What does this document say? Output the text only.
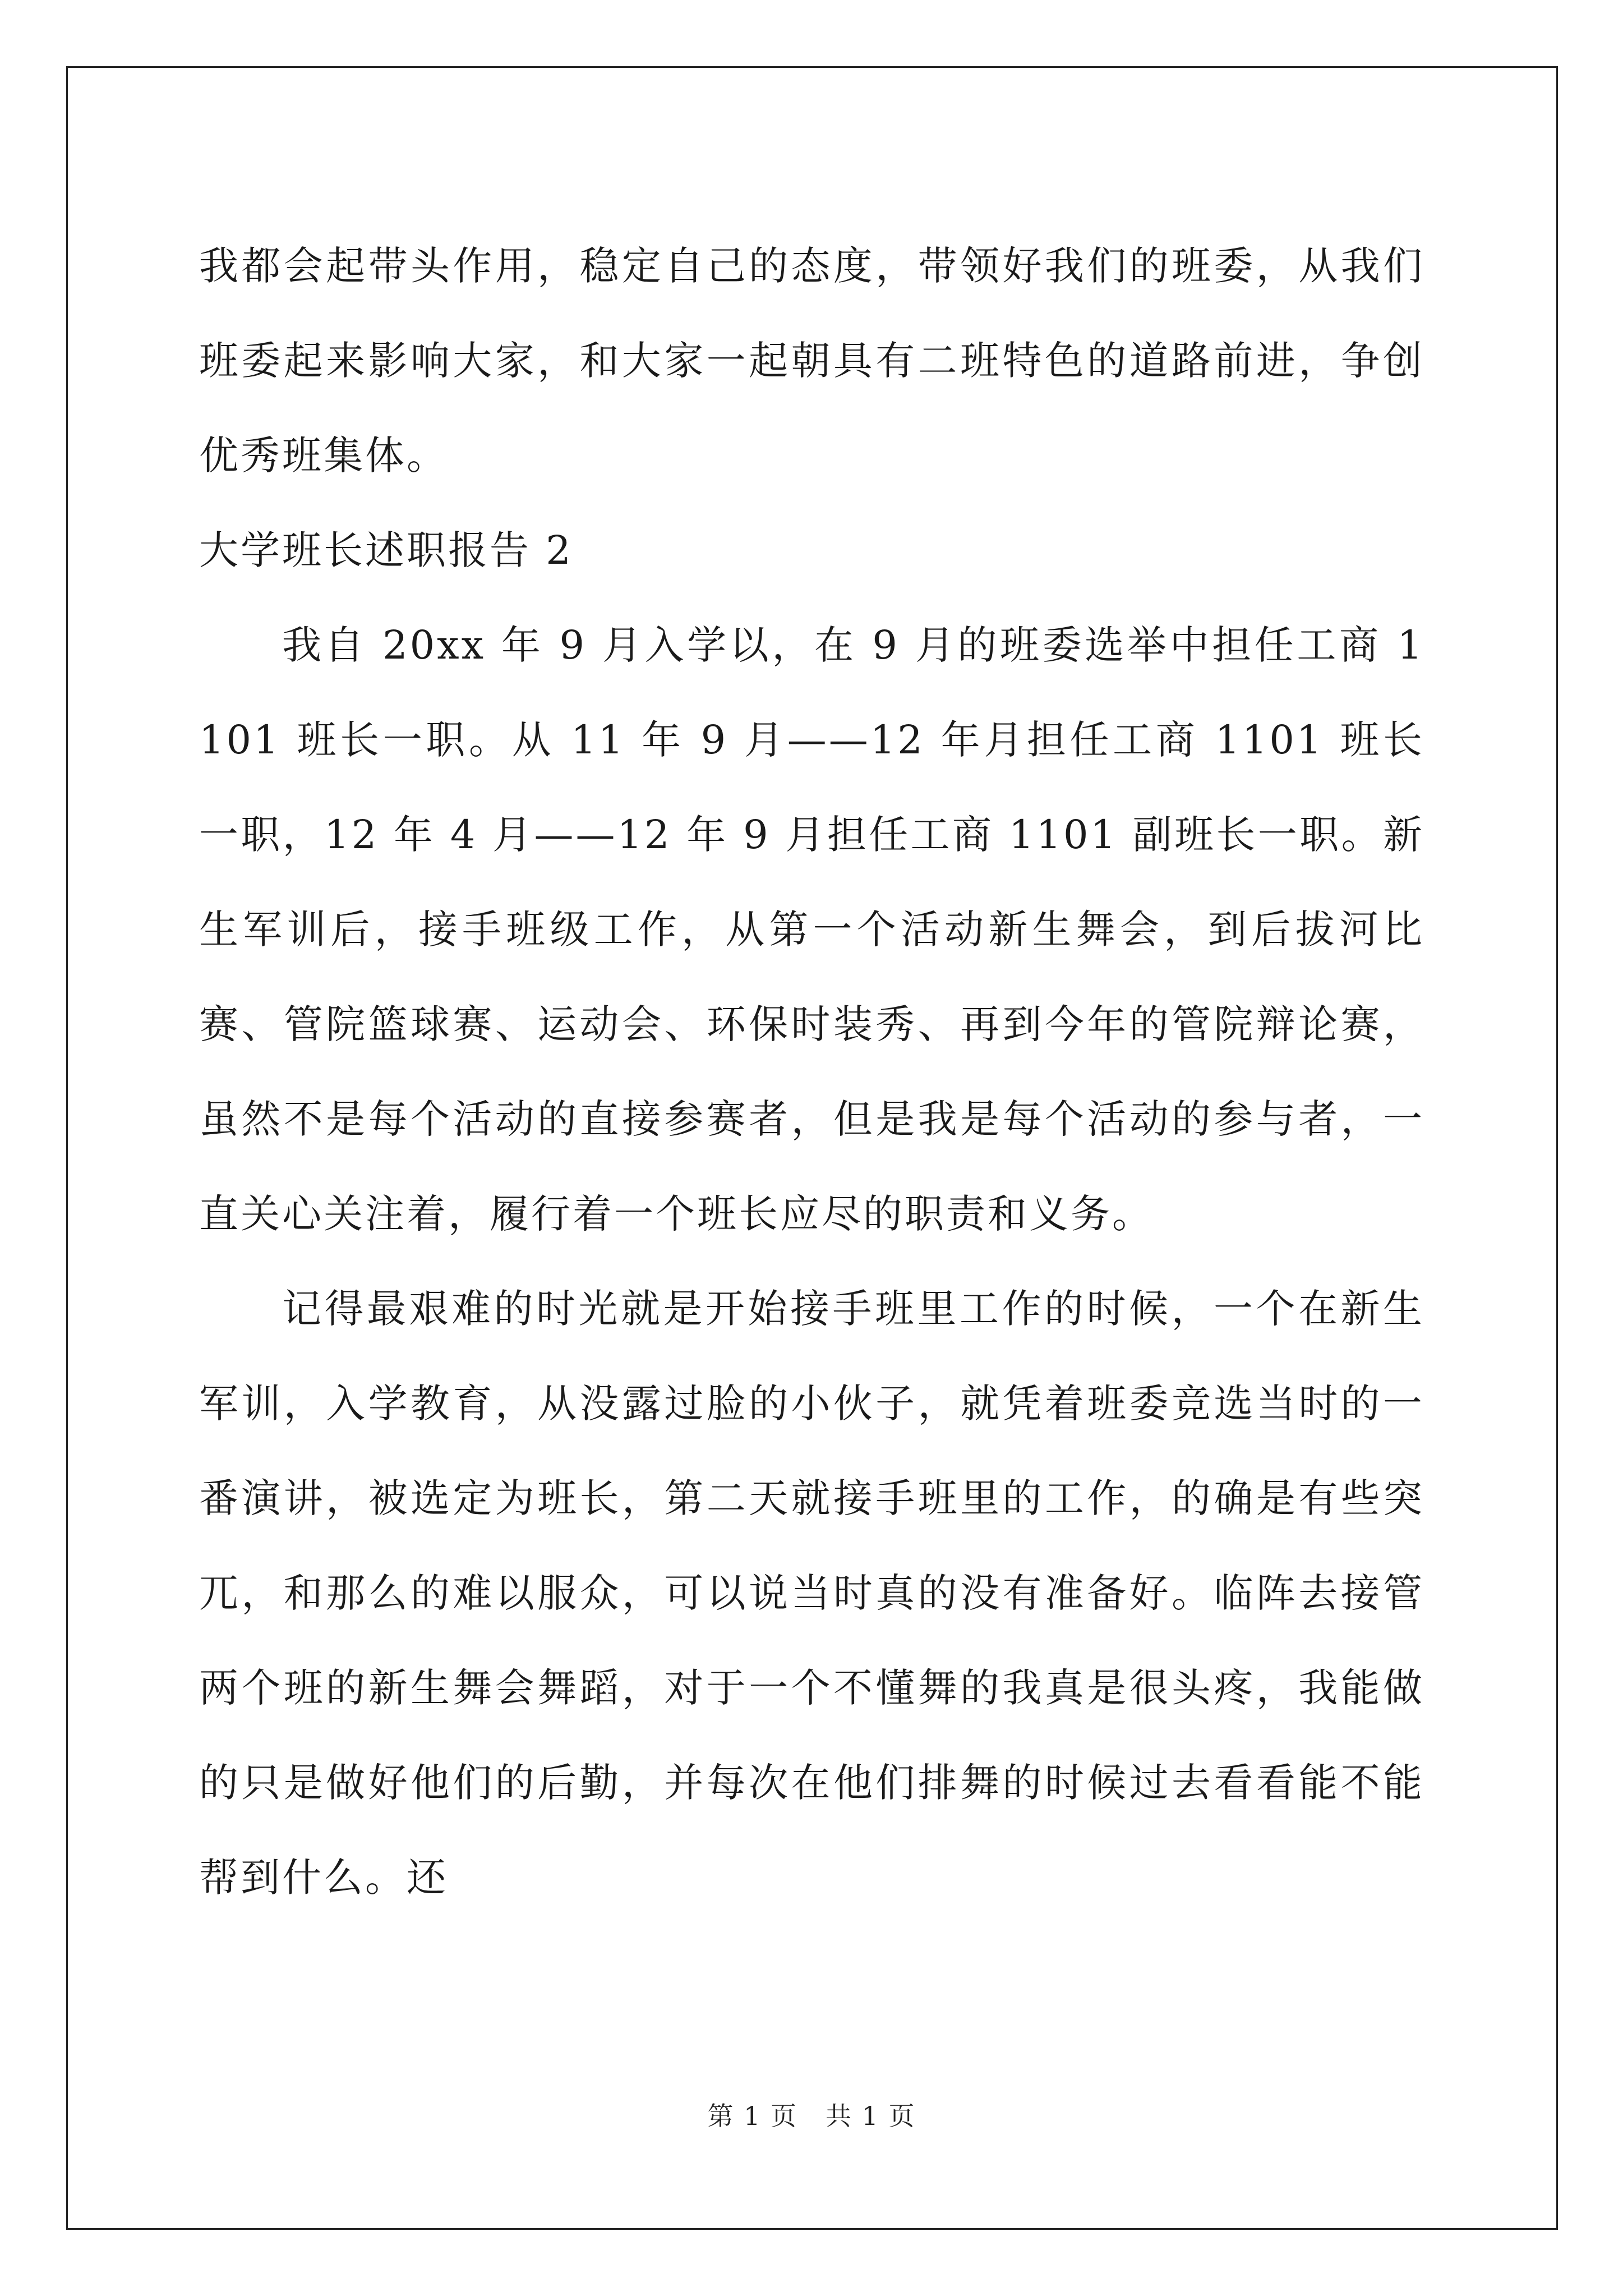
我都会起带头作用，稳定自己的态度，带领好我们的班委，从我们班委起来影响大家，和大家一起朝具有二班特色的道路前进，争创优秀班集体。

大学班长述职报告 2

我自 20xx 年 9 月入学以，在 9 月的班委选举中担任工商 1101 班长一职。从 11 年 9 月——12 年月担任工商 1101 班长一职，12 年 4 月——12 年 9 月担任工商 1101 副班长一职。新生军训后，接手班级工作，从第一个活动新生舞会，到后拔河比赛、管院篮球赛、运动会、环保时装秀、再到今年的管院辩论赛，虽然不是每个活动的直接参赛者，但是我是每个活动的参与者，一直关心关注着，履行着一个班长应尽的职责和义务。

记得最艰难的时光就是开始接手班里工作的时候，一个在新生军训，入学教育，从没露过脸的小伙子，就凭着班委竞选当时的一番演讲，被选定为班长，第二天就接手班里的工作，的确是有些突兀，和那么的难以服众，可以说当时真的没有准备好。临阵去接管两个班的新生舞会舞蹈，对于一个不懂舞的我真是很头疼，我能做的只是做好他们的后勤，并每次在他们排舞的时候过去看看能不能帮到什么。还

第 1 页 共 1 页
